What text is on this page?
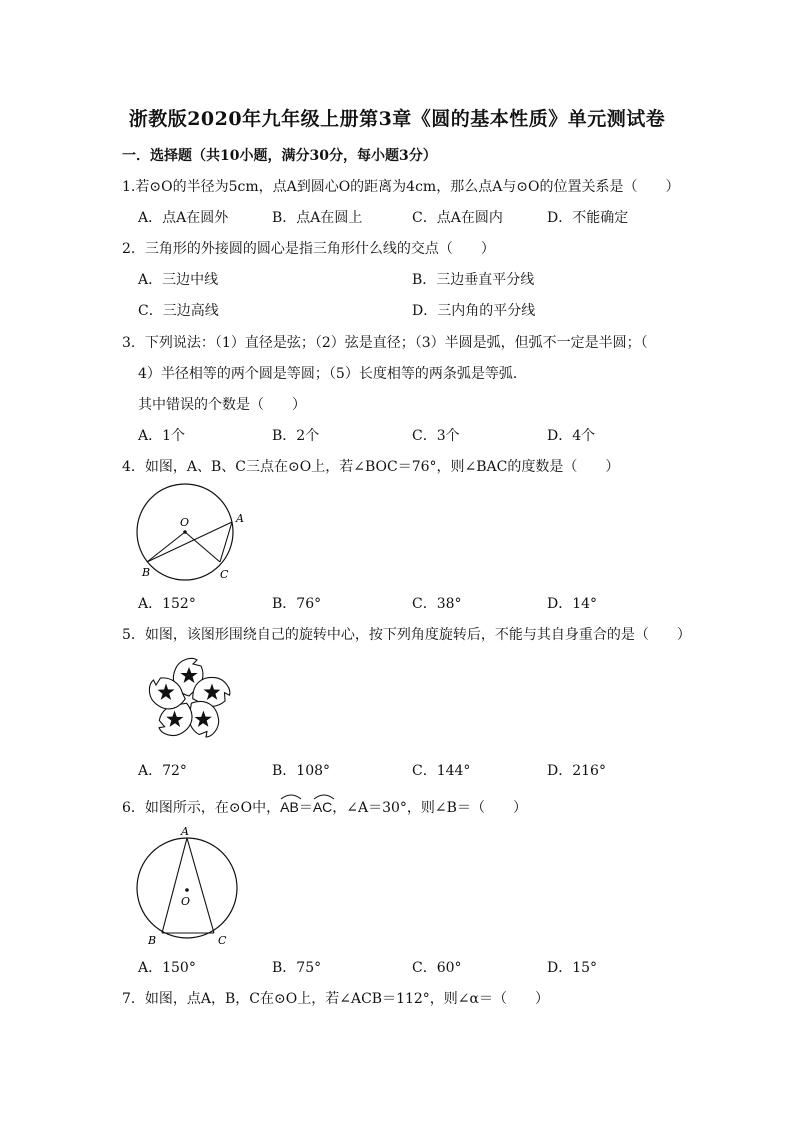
浙教版2020年九年级上册第3章《圆的基本性质》单元测试卷
一．选择题（共10小题，满分30分，每小题3分）
1.若⊙O的半径为5cm，点A到圆心O的距离为4cm，那么点A与⊙O的位置关系是（　　）
A．点A在圆外	B．点A在圆上	C．点A在圆内	D．不能确定
2．三角形的外接圆的圆心是指三角形什么线的交点（　　）
A．三边中线	B．三边垂直平分线
C．三边高线	D．三内角的平分线
3．下列说法：（1）直径是弦；（2）弦是直径；（3）半圆是弧，但弧不一定是半圆；（
4）半径相等的两个圆是等圆；（5）长度相等的两条弧是等弧．
其中错误的个数是（　　）
A．1个	B．2个	C．3个	D．4个
4．如图，A、B、C三点在⊙O上，若∠BOC＝76°，则∠BAC的度数是（　　）
O	A
B	C
A．152°	B．76°	C．38°	D．14°
5．如图，该图形围绕自己的旋转中心，按下列角度旋转后，不能与其自身重合的是（　　）
A．72°	B．108°	C．144°	D．216°
6．如图所示，在⊙O中，
AB＝
AC，∠A＝30°，则∠B＝（　　）
A
O
B	C
A．150°	B．75°	C．60°	D．15°
7．如图，点A，B，C在⊙O上，若∠ACB＝112°，则∠α＝（　　）
